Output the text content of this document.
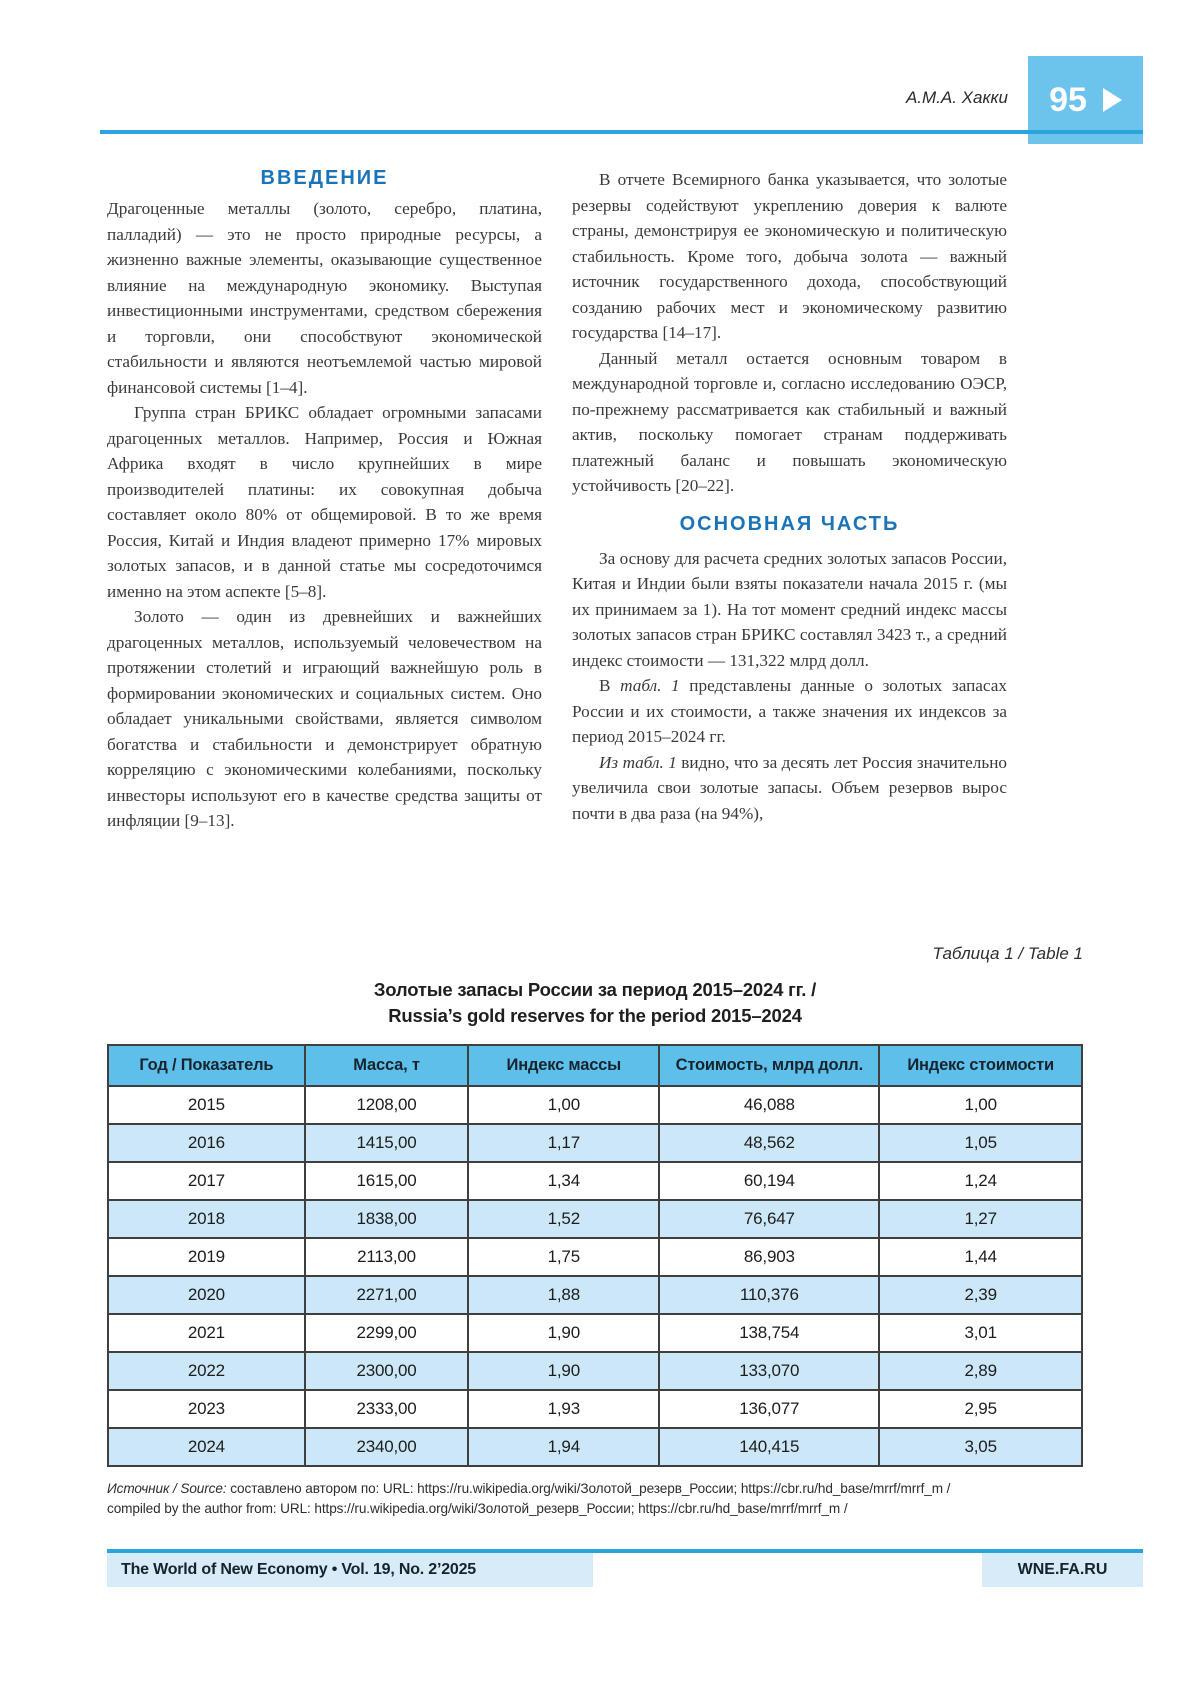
А.М.А. Хакки 95
ВВЕДЕНИЕ

Драгоценные металлы (золото, серебро, платина, палладий) — это не просто природные ресурсы, а жизненно важные элементы, оказывающие существенное влияние на международную экономику. Выступая инвестиционными инструментами, средством сбережения и торговли, они способствуют экономической стабильности и являются неотъемлемой частью мировой финансовой системы [1–4].

Группа стран БРИКС обладает огромными запасами драгоценных металлов. Например, Россия и Южная Африка входят в число крупнейших в мире производителей платины: их совокупная добыча составляет около 80% от общемировой. В то же время Россия, Китай и Индия владеют примерно 17% мировых золотых запасов, и в данной статье мы сосредоточимся именно на этом аспекте [5–8].

Золото — один из древнейших и важнейших драгоценных металлов, используемый человечеством на протяжении столетий и играющий важнейшую роль в формировании экономических и социальных систем. Оно обладает уникальными свойствами, является символом богатства и стабильности и демонстрирует обратную корреляцию с экономическими колебаниями, поскольку инвесторы используют его в качестве средства защиты от инфляции [9–13].

В отчете Всемирного банка указывается, что золотые резервы содействуют укреплению доверия к валюте страны, демонстрируя ее экономическую и политическую стабильность. Кроме того, добыча золота — важный источник государственного дохода, способствующий созданию рабочих мест и экономическому развитию государства [14–17].

Данный металл остается основным товаром в международной торговле и, согласно исследованию ОЭСР, по-прежнему рассматривается как стабильный и важный актив, поскольку помогает странам поддерживать платежный баланс и повышать экономическую устойчивость [20–22].

ОСНОВНАЯ ЧАСТЬ

За основу для расчета средних золотых запасов России, Китая и Индии были взяты показатели начала 2015 г. (мы их принимаем за 1). На тот момент средний индекс массы золотых запасов стран БРИКС составлял 3423 т., а средний индекс стоимости — 131,322 млрд долл.

В табл. 1 представлены данные о золотых запасах России и их стоимости, а также значения их индексов за период 2015–2024 гг.

Из табл. 1 видно, что за десять лет Россия значительно увеличила свои золотые запасы. Объем резервов вырос почти в два раза (на 94%),

Таблица 1 / Table 1
Золотые запасы России за период 2015–2024 гг. /
Russia’s gold reserves for the period 2015–2024
Год / Показатель	Масса, т	Индекс массы	Стоимость, млрд долл.	Индекс стоимости
2015	1208,00	1,00	46,088	1,00
2016	1415,00	1,17	48,562	1,05
2017	1615,00	1,34	60,194	1,24
2018	1838,00	1,52	76,647	1,27
2019	2113,00	1,75	86,903	1,44
2020	2271,00	1,88	110,376	2,39
2021	2299,00	1,90	138,754	3,01
2022	2300,00	1,90	133,070	2,89
2023	2333,00	1,93	136,077	2,95
2024	2340,00	1,94	140,415	3,05
Источник / Source: составлено автором по: URL: https://ru.wikipedia.org/wiki/Золотой_резерв_России; https://cbr.ru/hd_base/mrrf/mrrf_m /
compiled by the author from: URL: https://ru.wikipedia.org/wiki/Золотой_резерв_России; https://cbr.ru/hd_base/mrrf/mrrf_m /
The World of New Economy • Vol. 19, No. 2’2025	WNE.FA.RU
